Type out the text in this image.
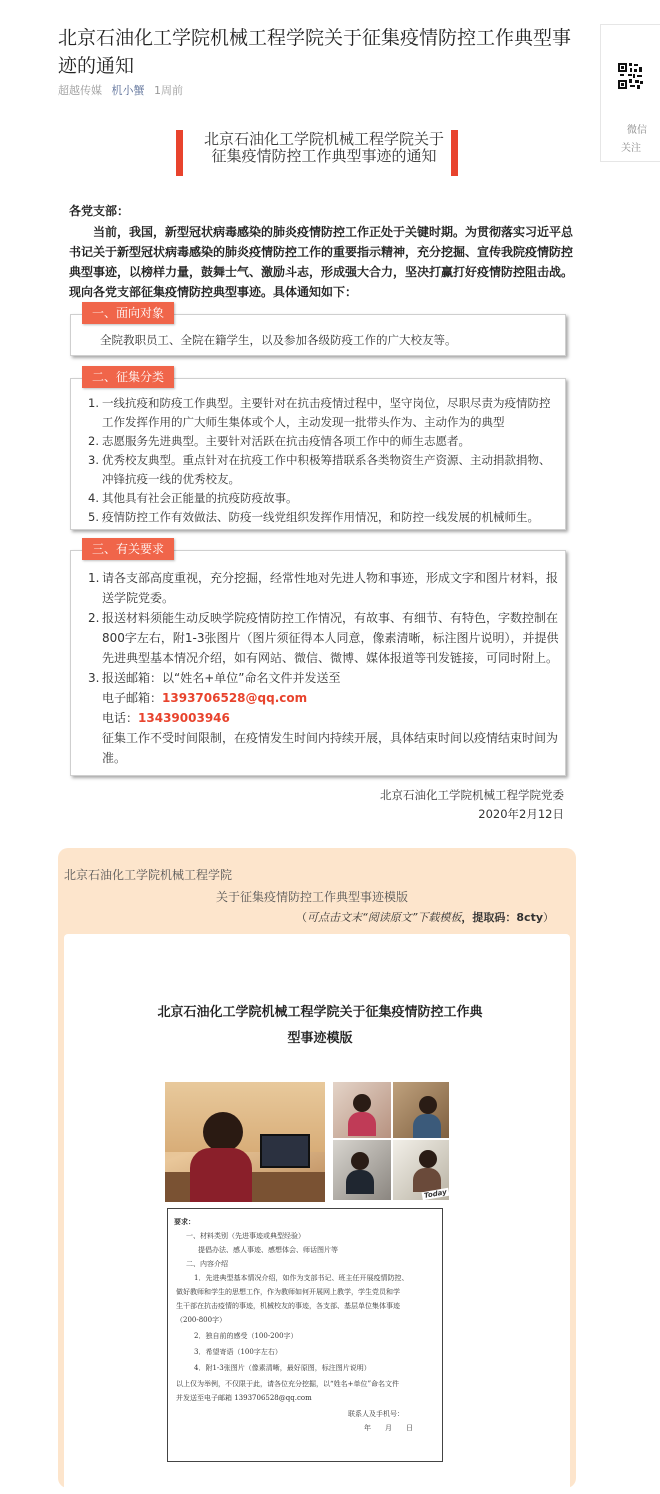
微信
关注
北京石油化工学院机械工程学院关于征集疫情防控工作典型事迹的通知
超越传媒 机小蟹 1周前
北京石油化工学院机械工程学院关于
征集疫情防控工作典型事迹的通知
各党支部：

当前，我国，新型冠状病毒感染的肺炎疫情防控工作正处于关键时期。为贯彻落实习近平总书记关于新型冠状病毒感染的肺炎疫情防控工作的重要指示精神，充分挖掘、宣传我院疫情防控典型事迹，以榜样力量，鼓舞士气、激励斗志，形成强大合力，坚决打赢打好疫情防控阻击战。现向各党支部征集疫情防控典型事迹。具体通知如下：

一、面向对象
全院教职员工、全院在籍学生，以及参加各级防疫工作的广大校友等。
二、征集分类
1. 一线抗疫和防疫工作典型。主要针对在抗击疫情过程中，坚守岗位，尽职尽责为疫情防控工作发挥作用的广大师生集体或个人，主动发现一批带头作为、主动作为的典型
2. 志愿服务先进典型。主要针对活跃在抗击疫情各项工作中的师生志愿者。
3. 优秀校友典型。重点针对在抗疫工作中积极筹措联系各类物资生产资源、主动捐款捐物、冲锋抗疫一线的优秀校友。
4. 其他具有社会正能量的抗疫防疫故事。
5. 疫情防控工作有效做法、防疫一线党组织发挥作用情况，和防控一线发展的机械师生。
三、有关要求
1. 请各支部高度重视，充分挖掘，经常性地对先进人物和事迹，形成文字和图片材料，报送学院党委。
2. 报送材料须能生动反映学院疫情防控工作情况，有故事、有细节、有特色，字数控制在800字左右，附1-3张图片（图片须征得本人同意，像素清晰，标注图片说明），并提供先进典型基本情况介绍，如有网站、微信、微博、媒体报道等刊发链接，可同时附上。
3. 报送邮箱：以“姓名+单位”命名文件并发送至
电子邮箱：1393706528@qq.com
电话：13439003946
征集工作不受时间限制，在疫情发生时间内持续开展，具体结束时间以疫情结束时间为准。
北京石油化工学院机械工程学院党委
2020年2月12日
北京石油化工学院机械工程学院
关于征集疫情防控工作典型事迹模版
（可点击文末“阅读原文”下载模板，提取码：8cty）
北京石油化工学院机械工程学院关于征集疫情防控工作典
型事迹模版
Today
要求：
一、材料类别（先进事迹或典型经验）
提倡办法、感人事迹、感想体会、师话图片等
二、内容介绍
1．先进典型基本情况介绍，如作为支部书记、班主任开展疫情防控、
做好教师和学生的思想工作，作为教师如何开展网上教学，学生党员和学
生干部在抗击疫情的事迹，机械校友的事迹，各支部、基层单位集体事迹
（200-800字）
2．独自前的感受（100-200字）
3．希望寄语（100字左右）
4．附1-3张图片（像素清晰，最好原图，标注图片说明）
以上仅为举例，不仅限于此，请各位充分挖掘，以“姓名+单位”命名文件
并发送至电子邮箱 1393706528@qq.com
联系人及手机号：
年　　月　　日
